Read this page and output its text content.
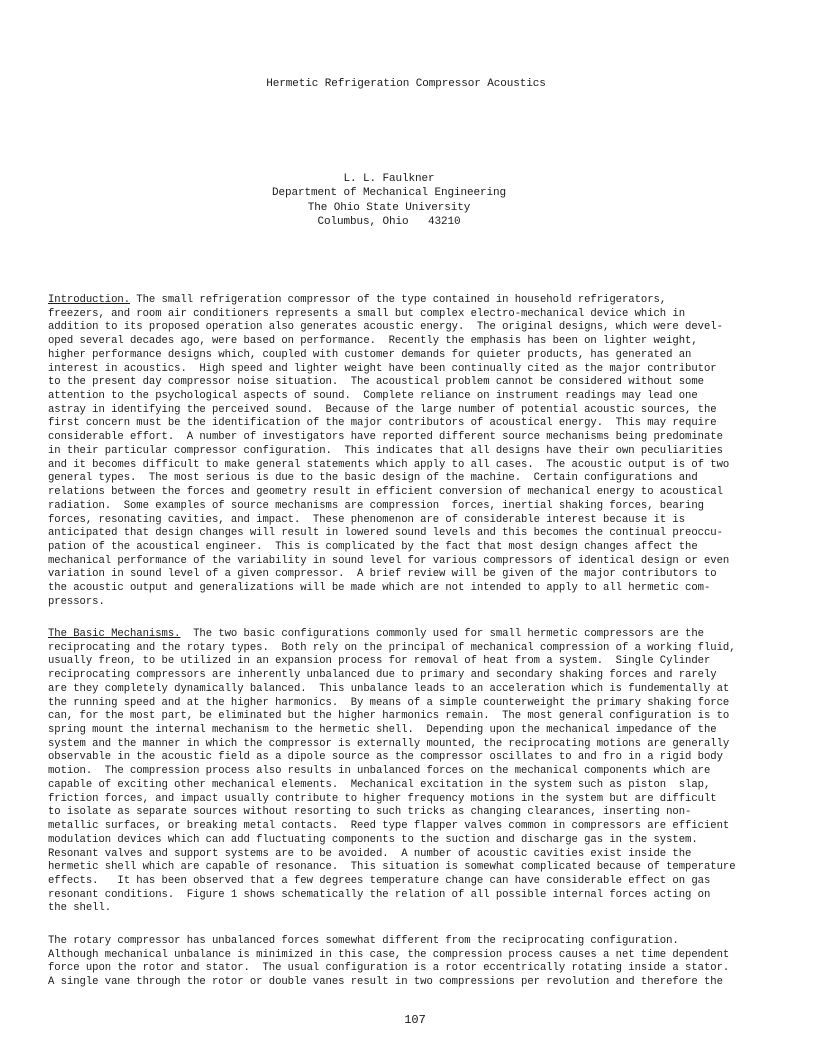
Hermetic Refrigeration Compressor Acoustics
L. L. Faulkner
Department of Mechanical Engineering
The Ohio State University
Columbus, Ohio   43210
Introduction. The small refrigeration compressor of the type contained in household refrigerators,
freezers, and room air conditioners represents a small but complex electro-mechanical device which in
addition to its proposed operation also generates acoustic energy.  The original designs, which were devel-
oped several decades ago, were based on performance.  Recently the emphasis has been on lighter weight,
higher performance designs which, coupled with customer demands for quieter products, has generated an
interest in acoustics.  High speed and lighter weight have been continually cited as the major contributor
to the present day compressor noise situation.  The acoustical problem cannot be considered without some
attention to the psychological aspects of sound.  Complete reliance on instrument readings may lead one
astray in identifying the perceived sound.  Because of the large number of potential acoustic sources, the
first concern must be the identification of the major contributors of acoustical energy.  This may require
considerable effort.  A number of investigators have reported different source mechanisms being predominate
in their particular compressor configuration.  This indicates that all designs have their own peculiarities
and it becomes difficult to make general statements which apply to all cases.  The acoustic output is of two
general types.  The most serious is due to the basic design of the machine.  Certain configurations and
relations between the forces and geometry result in efficient conversion of mechanical energy to acoustical
radiation.  Some examples of source mechanisms are compression  forces, inertial shaking forces, bearing
forces, resonating cavities, and impact.  These phenomenon are of considerable interest because it is
anticipated that design changes will result in lowered sound levels and this becomes the continual preoccu-
pation of the acoustical engineer.  This is complicated by the fact that most design changes affect the
mechanical performance of the variability in sound level for various compressors of identical design or even
variation in sound level of a given compressor.  A brief review will be given of the major contributors to
the acoustic output and generalizations will be made which are not intended to apply to all hermetic com-
pressors.
The Basic Mechanisms.  The two basic configurations commonly used for small hermetic compressors are the
reciprocating and the rotary types.  Both rely on the principal of mechanical compression of a working fluid,
usually freon, to be utilized in an expansion process for removal of heat from a system.  Single Cylinder
reciprocating compressors are inherently unbalanced due to primary and secondary shaking forces and rarely
are they completely dynamically balanced.  This unbalance leads to an acceleration which is fundementally at
the running speed and at the higher harmonics.  By means of a simple counterweight the primary shaking force
can, for the most part, be eliminated but the higher harmonics remain.  The most general configuration is to
spring mount the internal mechanism to the hermetic shell.  Depending upon the mechanical impedance of the
system and the manner in which the compressor is externally mounted, the reciprocating motions are generally
observable in the acoustic field as a dipole source as the compressor oscillates to and fro in a rigid body
motion.  The compression process also results in unbalanced forces on the mechanical components which are
capable of exciting other mechanical elements.  Mechanical excitation in the system such as piston  slap,
friction forces, and impact usually contribute to higher frequency motions in the system but are difficult
to isolate as separate sources without resorting to such tricks as changing clearances, inserting non-
metallic surfaces, or breaking metal contacts.  Reed type flapper valves common in compressors are efficient
modulation devices which can add fluctuating components to the suction and discharge gas in the system.
Resonant valves and support systems are to be avoided.  A number of acoustic cavities exist inside the
hermetic shell which are capable of resonance.  This situation is somewhat complicated because of temperature
effects.   It has been observed that a few degrees temperature change can have considerable effect on gas
resonant conditions.  Figure 1 shows schematically the relation of all possible internal forces acting on
the shell.
The rotary compressor has unbalanced forces somewhat different from the reciprocating configuration.
Although mechanical unbalance is minimized in this case, the compression process causes a net time dependent
force upon the rotor and stator.  The usual configuration is a rotor eccentrically rotating inside a stator.
A single vane through the rotor or double vanes result in two compressions per revolution and therefore the
107
